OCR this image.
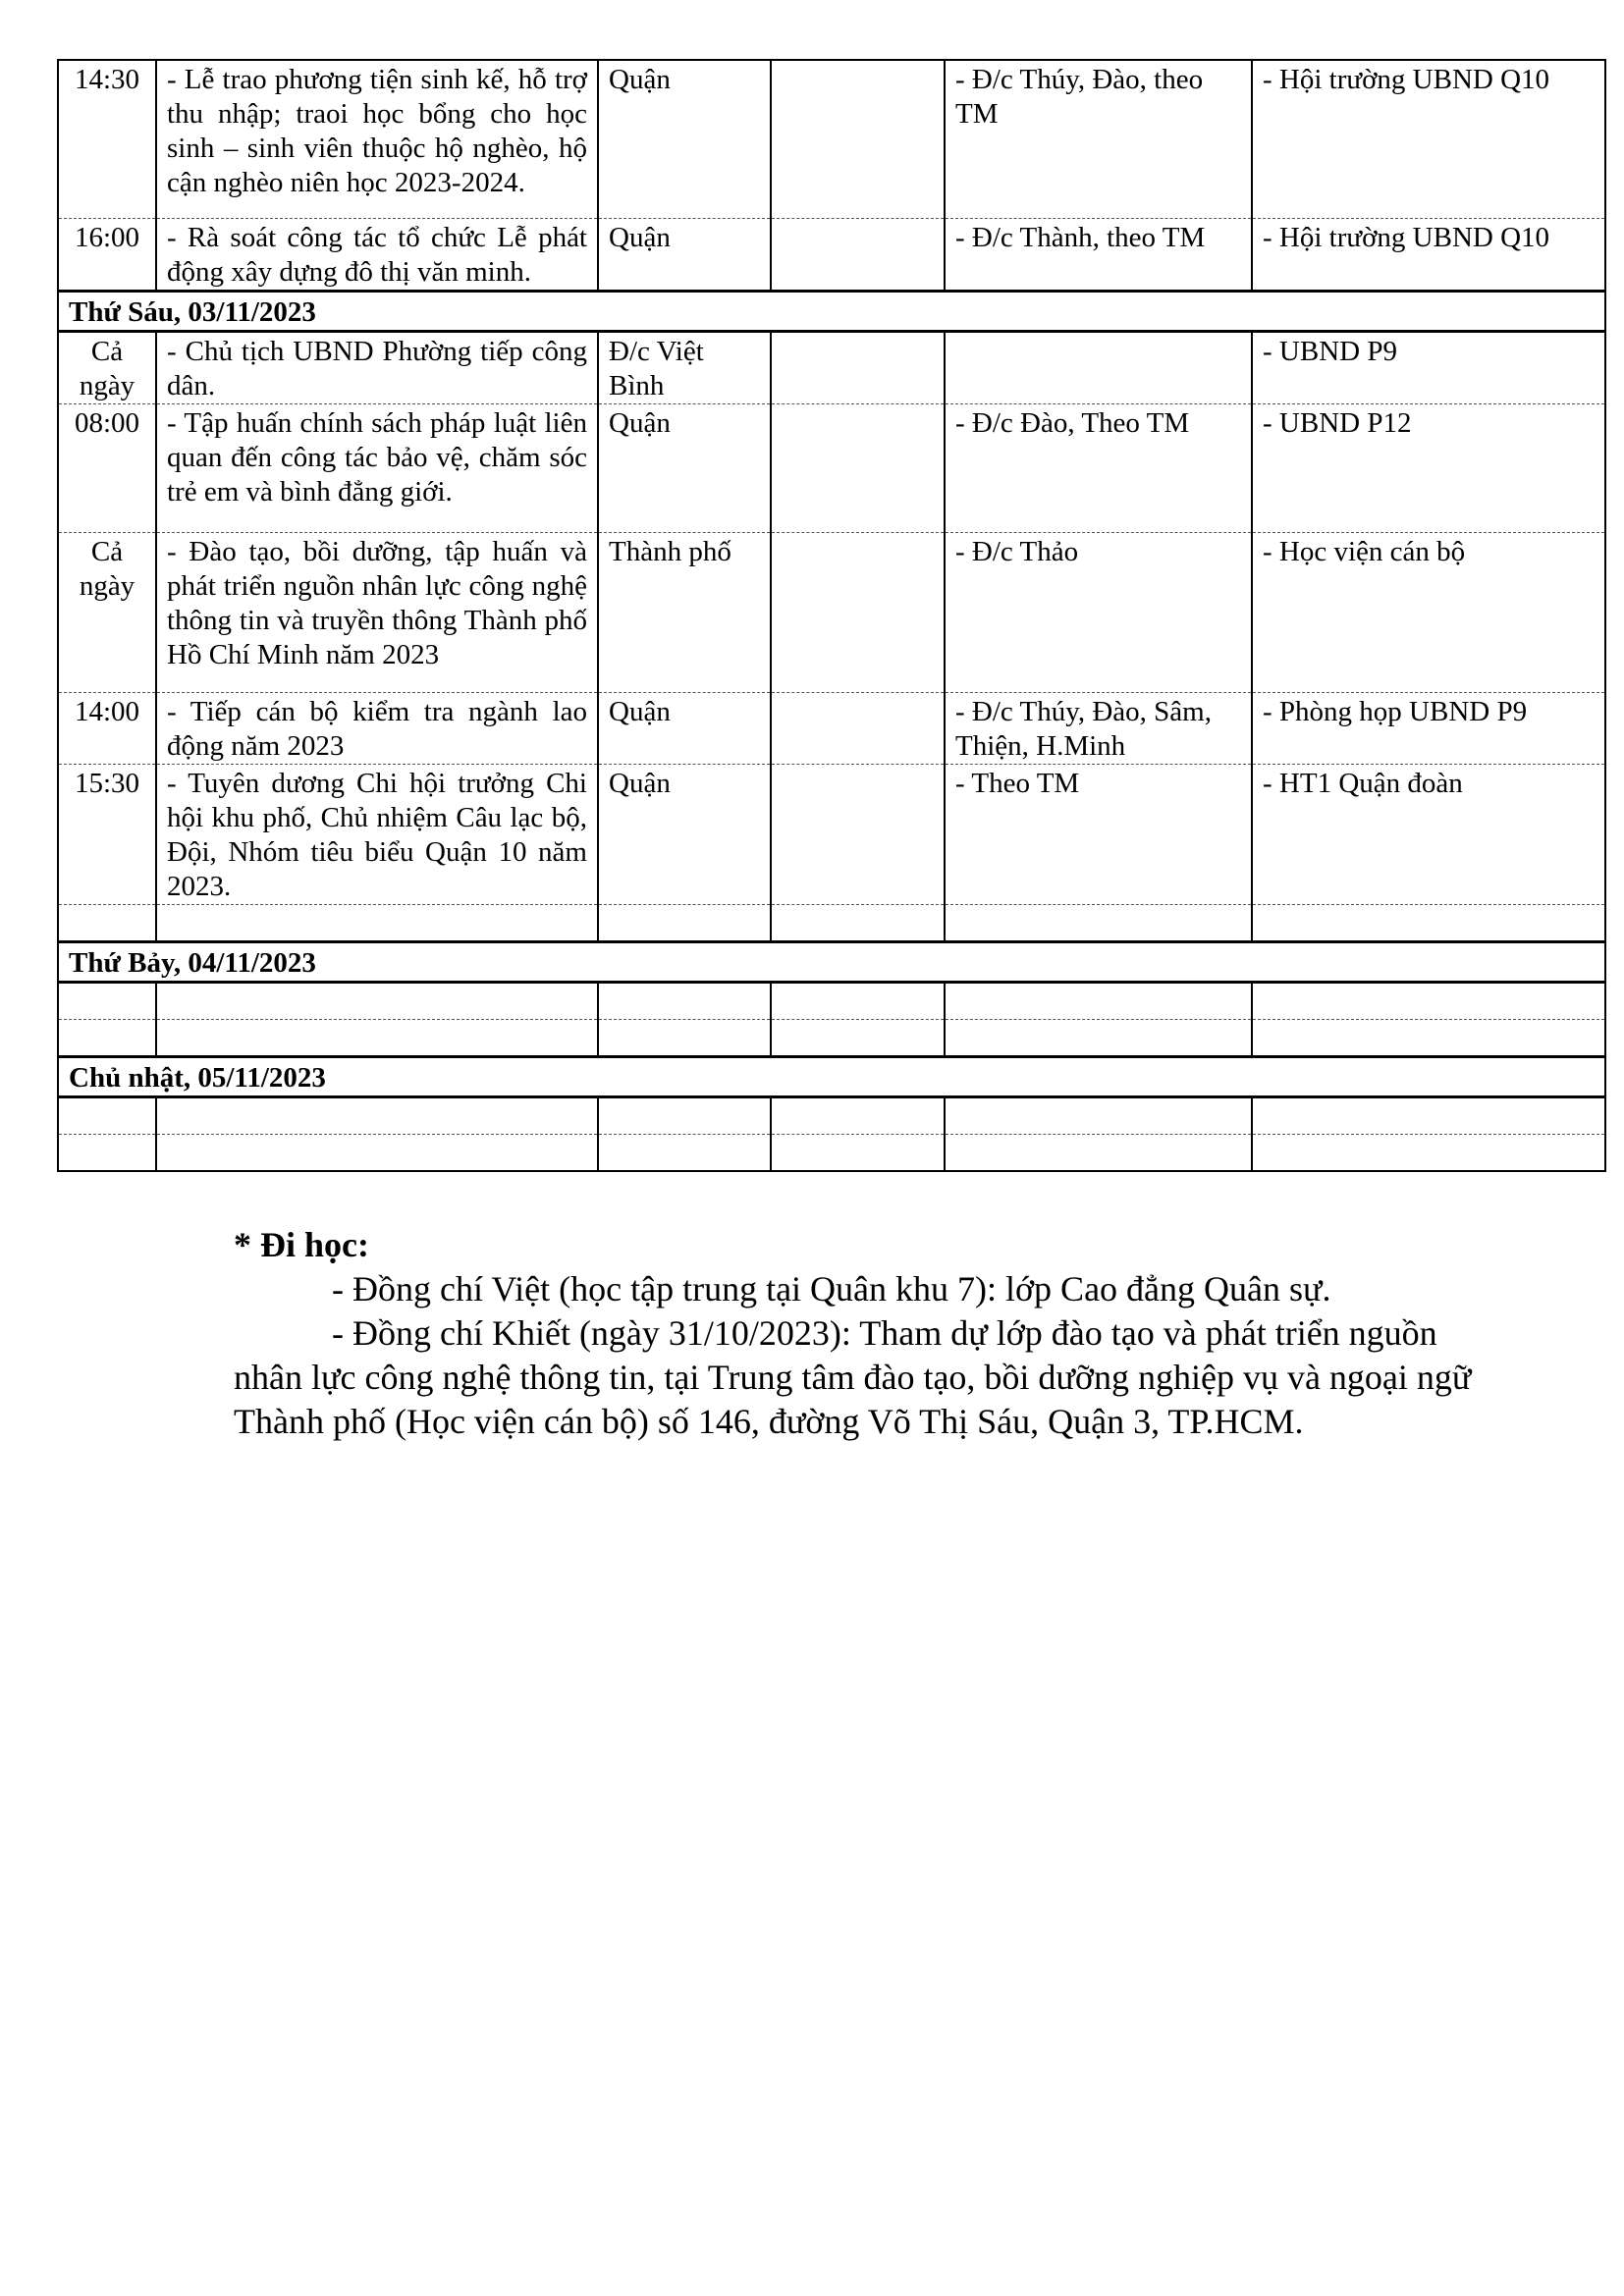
14:30	- Lễ trao phương tiện sinh kế, hỗ trợ thu nhập; traoi học bổng cho học sinh – sinh viên thuộc hộ nghèo, hộ cận nghèo niên học 2023-2024.	Quận		- Đ/c Thúy, Đào, theo TM	- Hội trường UBND Q10
16:00	- Rà soát công tác tổ chức Lễ phát động xây dựng đô thị văn minh.	Quận		- Đ/c Thành, theo TM	- Hội trường UBND Q10
Thứ Sáu, 03/11/2023					
Cả ngày	- Chủ tịch UBND Phường tiếp công dân.	Đ/c Việt Bình			- UBND P9
08:00	- Tập huấn chính sách pháp luật liên quan đến công tác bảo vệ, chăm sóc trẻ em và bình đẳng giới.	Quận		- Đ/c Đào, Theo TM	- UBND P12
Cả ngày	- Đào tạo, bồi dưỡng, tập huấn và phát triển nguồn nhân lực công nghệ thông tin và truyền thông Thành phố Hồ Chí Minh năm 2023	Thành phố		- Đ/c Thảo	- Học viện cán bộ
14:00	- Tiếp cán bộ kiểm tra ngành lao động năm 2023	Quận		- Đ/c Thúy, Đào, Sâm, Thiện, H.Minh	- Phòng họp UBND P9
15:30	- Tuyên dương Chi hội trưởng Chi hội khu phố, Chủ nhiệm Câu lạc bộ, Đội, Nhóm tiêu biểu Quận 10 năm 2023.	Quận		- Theo TM	- HT1 Quận đoàn

Thứ Bảy, 04/11/2023					

Chủ nhật, 05/11/2023					

* Đi học:

- Đồng chí Việt (học tập trung tại Quân khu 7): lớp Cao đẳng Quân sự.

- Đồng chí Khiết (ngày 31/10/2023): Tham dự lớp đào tạo và phát triển nguồn nhân lực công nghệ thông tin, tại Trung tâm đào tạo, bồi dưỡng nghiệp vụ và ngoại ngữ Thành phố (Học viện cán bộ) số 146, đường Võ Thị Sáu, Quận 3, TP.HCM.
